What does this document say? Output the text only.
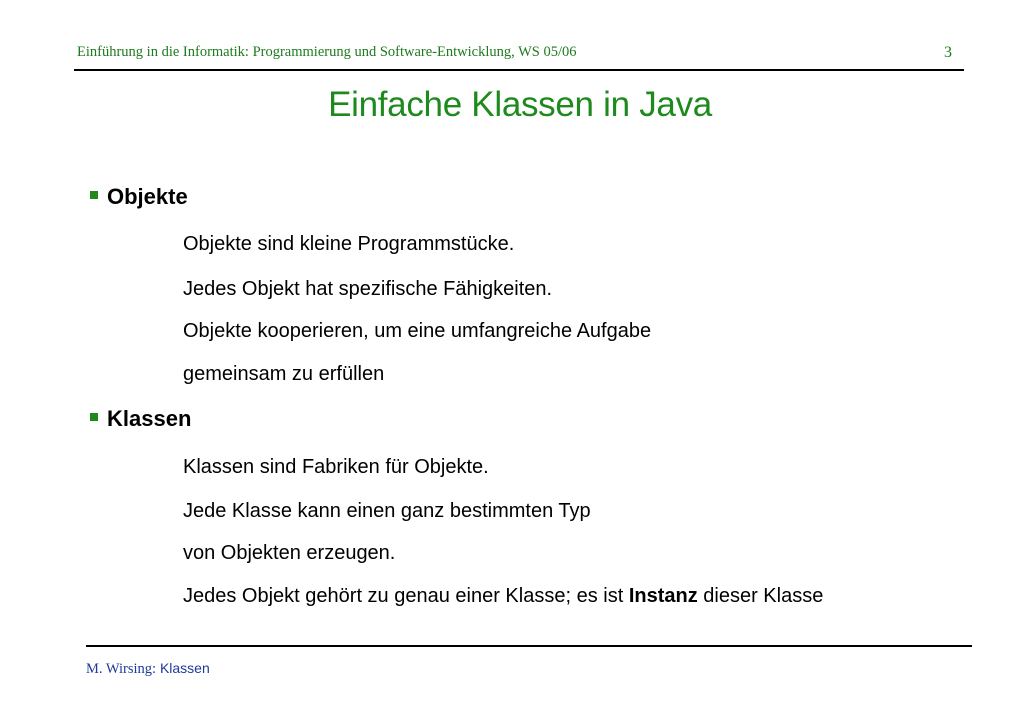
Einführung in die Informatik: Programmierung und Software-Entwicklung, WS 05/06	3
Einfache Klassen in Java
Objekte
Objekte sind kleine Programmstücke.
Jedes Objekt hat spezifische Fähigkeiten.
Objekte kooperieren, um eine umfangreiche Aufgabe
gemeinsam zu erfüllen
Klassen
Klassen sind Fabriken für Objekte.
Jede Klasse kann einen ganz bestimmten Typ
von Objekten erzeugen.
Jedes Objekt gehört zu genau einer Klasse; es ist Instanz dieser Klasse
M. Wirsing: Klassen
